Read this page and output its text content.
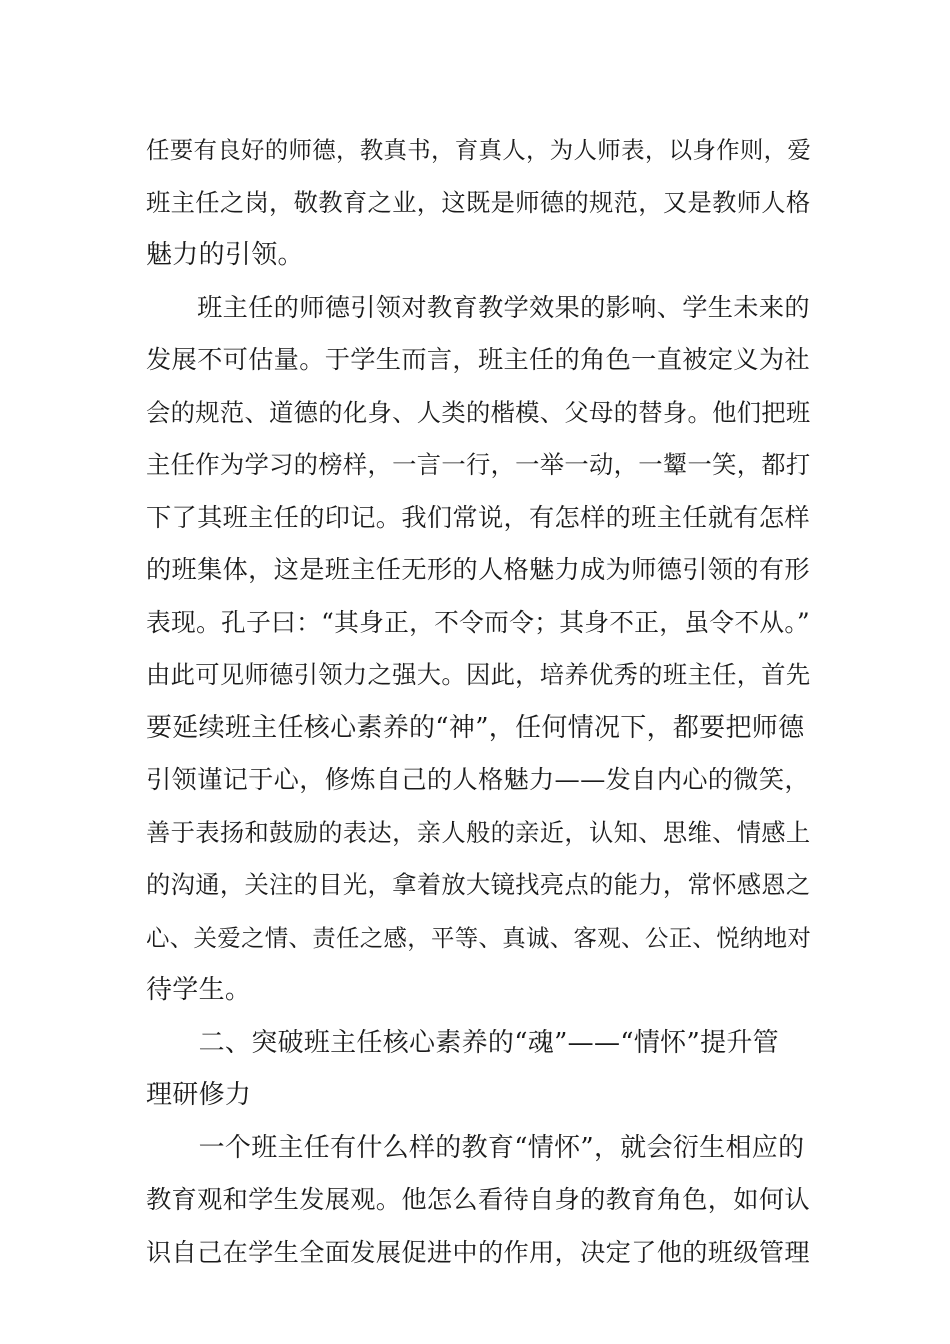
任要有良好的师德，教真书，育真人，为人师表，以身作则，爱
班主任之岗，敬教育之业，这既是师德的规范，又是教师人格
魅力的引领。
　　班主任的师德引领对教育教学效果的影响、学生未来的
发展不可估量。于学生而言，班主任的角色一直被定义为社
会的规范、道德的化身、人类的楷模、父母的替身。他们把班
主任作为学习的榜样，一言一行，一举一动，一颦一笑，都打
下了其班主任的印记。我们常说，有怎样的班主任就有怎样
的班集体，这是班主任无形的人格魅力成为师德引领的有形
表现。孔子曰：“其身正，不令而令；其身不正，虽令不从。”
由此可见师德引领力之强大。因此，培养优秀的班主任，首先
要延续班主任核心素养的“神”，任何情况下，都要把师德
引领谨记于心，修炼自己的人格魅力——发自内心的微笑，
善于表扬和鼓励的表达，亲人般的亲近，认知、思维、情感上
的沟通，关注的目光，拿着放大镜找亮点的能力，常怀感恩之
心、关爱之情、责任之感，平等、真诚、客观、公正、悦纳地对
待学生。
　　二、突破班主任核心素养的“魂”——“情怀”提升管
理研修力
　　一个班主任有什么样的教育“情怀”，就会衍生相应的
教育观和学生发展观。他怎么看待自身的教育角色，如何认
识自己在学生全面发展促进中的作用，决定了他的班级管理
